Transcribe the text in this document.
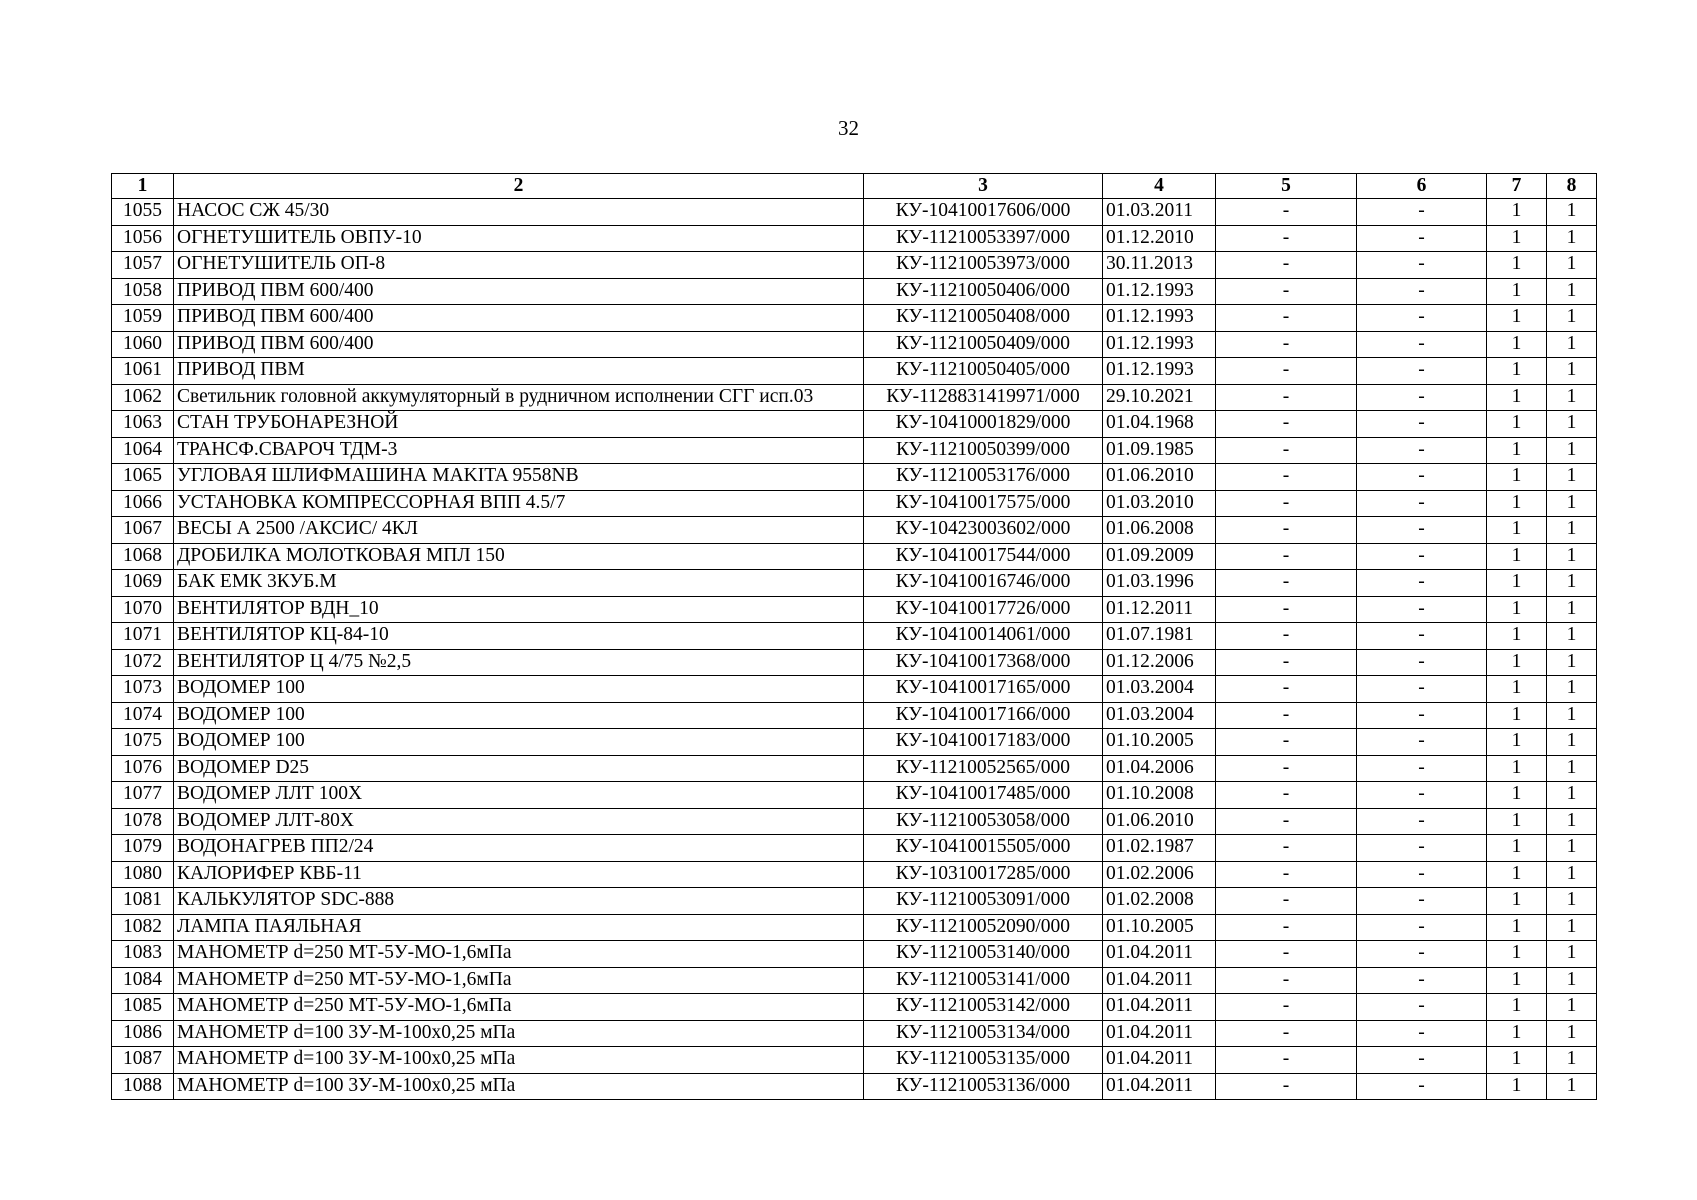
32
1	2	3	4	5	6	7	8
1055	НАСОС СЖ 45/30	КУ-10410017606/000	01.03.2011	-	-	1	1
1056	ОГНЕТУШИТЕЛЬ ОВПУ-10	КУ-11210053397/000	01.12.2010	-	-	1	1
1057	ОГНЕТУШИТЕЛЬ ОП-8	КУ-11210053973/000	30.11.2013	-	-	1	1
1058	ПРИВОД ПВМ 600/400	КУ-11210050406/000	01.12.1993	-	-	1	1
1059	ПРИВОД ПВМ 600/400	КУ-11210050408/000	01.12.1993	-	-	1	1
1060	ПРИВОД ПВМ 600/400	КУ-11210050409/000	01.12.1993	-	-	1	1
1061	ПРИВОД ПВМ	КУ-11210050405/000	01.12.1993	-	-	1	1
1062	Светильник головной аккумуляторный в рудничном исполнении СГГ исп.03	КУ-1128831419971/000	29.10.2021	-	-	1	1
1063	СТАН ТРУБОНАРЕЗНОЙ	КУ-10410001829/000	01.04.1968	-	-	1	1
1064	ТРАНСФ.СВАРОЧ ТДМ-3	КУ-11210050399/000	01.09.1985	-	-	1	1
1065	УГЛОВАЯ ШЛИФМАШИНА MAKITA 9558NB	КУ-11210053176/000	01.06.2010	-	-	1	1
1066	УСТАНОВКА КОМПРЕССОРНАЯ ВПП 4.5/7	КУ-10410017575/000	01.03.2010	-	-	1	1
1067	ВЕСЫ А 2500 /АКСИС/ 4КЛ	КУ-10423003602/000	01.06.2008	-	-	1	1
1068	ДРОБИЛКА МОЛОТКОВАЯ МПЛ 150	КУ-10410017544/000	01.09.2009	-	-	1	1
1069	БАК ЕМК 3КУБ.М	КУ-10410016746/000	01.03.1996	-	-	1	1
1070	ВЕНТИЛЯТОР ВДН_10	КУ-10410017726/000	01.12.2011	-	-	1	1
1071	ВЕНТИЛЯТОР КЦ-84-10	КУ-10410014061/000	01.07.1981	-	-	1	1
1072	ВЕНТИЛЯТОР Ц 4/75 №2,5	КУ-10410017368/000	01.12.2006	-	-	1	1
1073	ВОДОМЕР 100	КУ-10410017165/000	01.03.2004	-	-	1	1
1074	ВОДОМЕР 100	КУ-10410017166/000	01.03.2004	-	-	1	1
1075	ВОДОМЕР 100	КУ-10410017183/000	01.10.2005	-	-	1	1
1076	ВОДОМЕР D25	КУ-11210052565/000	01.04.2006	-	-	1	1
1077	ВОДОМЕР ЛЛТ 100Х	КУ-10410017485/000	01.10.2008	-	-	1	1
1078	ВОДОМЕР ЛЛТ-80Х	КУ-11210053058/000	01.06.2010	-	-	1	1
1079	ВОДОНАГРЕВ ПП2/24	КУ-10410015505/000	01.02.1987	-	-	1	1
1080	КАЛОРИФЕР КВБ-11	КУ-10310017285/000	01.02.2006	-	-	1	1
1081	КАЛЬКУЛЯТОР SDC-888	КУ-11210053091/000	01.02.2008	-	-	1	1
1082	ЛАМПА ПАЯЛЬНАЯ	КУ-11210052090/000	01.10.2005	-	-	1	1
1083	МАНОМЕТР d=250 МТ-5У-МО-1,6мПа	КУ-11210053140/000	01.04.2011	-	-	1	1
1084	МАНОМЕТР d=250 МТ-5У-МО-1,6мПа	КУ-11210053141/000	01.04.2011	-	-	1	1
1085	МАНОМЕТР d=250 МТ-5У-МО-1,6мПа	КУ-11210053142/000	01.04.2011	-	-	1	1
1086	МАНОМЕТР d=100 3У-М-100х0,25 мПа	КУ-11210053134/000	01.04.2011	-	-	1	1
1087	МАНОМЕТР d=100 3У-М-100х0,25 мПа	КУ-11210053135/000	01.04.2011	-	-	1	1
1088	МАНОМЕТР d=100 3У-М-100х0,25 мПа	КУ-11210053136/000	01.04.2011	-	-	1	1
